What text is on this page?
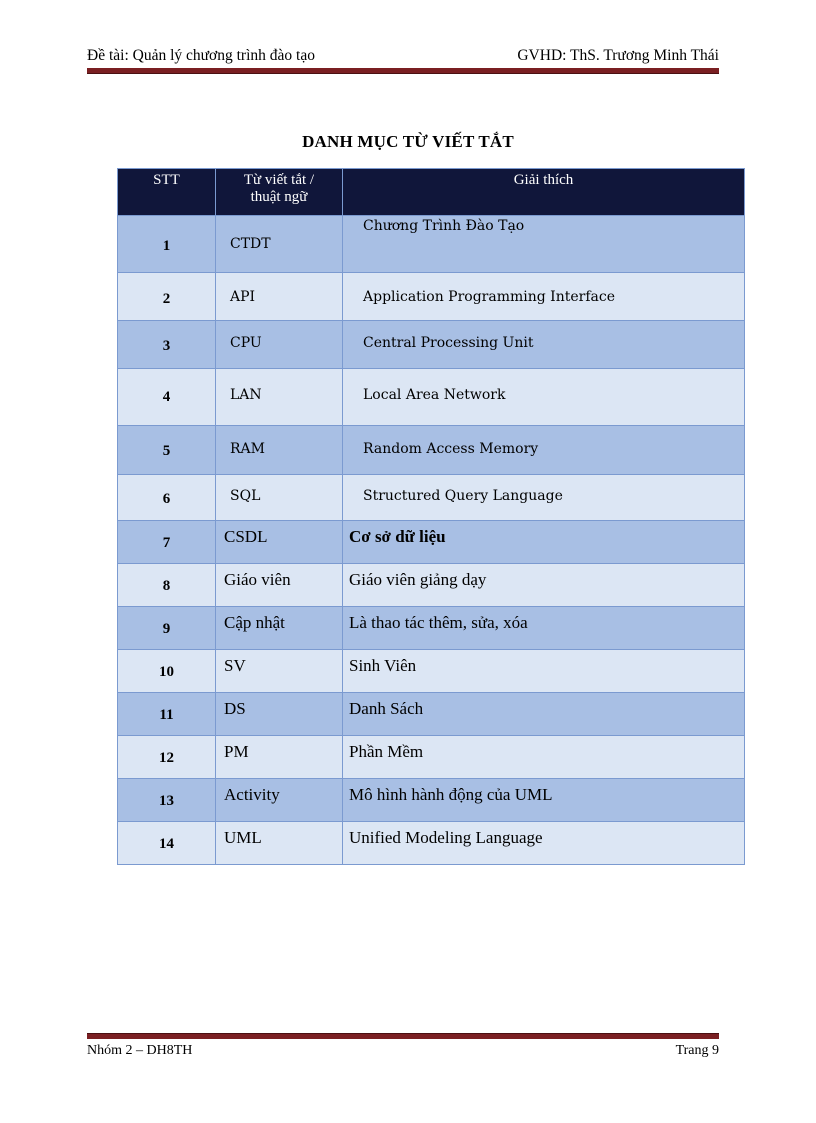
Đề tài: Quản lý chương trình đào tạo	GVHD: ThS. Trương Minh Thái
DANH MỤC TỪ VIẾT TẮT
STT	Từ viết tắt / thuật ngữ	Giải thích

1	CTDT	Chương Trình Đào Tạo

2	API	Application Programming Interface

3	CPU	Central Processing Unit

4	LAN	Local Area Network

5	RAM	Random Access Memory

6	SQL	Structured Query Language

7	CSDL	Cơ sở dữ liệu

8	Giáo viên	Giáo viên giảng dạy

9	Cập nhật	Là thao tác thêm, sửa, xóa

10	SV	Sinh Viên

11	DS	Danh Sách

12	PM	Phần Mềm

13	Activity	Mô hình hành động của UML

14	UML	Unified Modeling Language
Nhóm 2 – DH8TH	Trang 9
